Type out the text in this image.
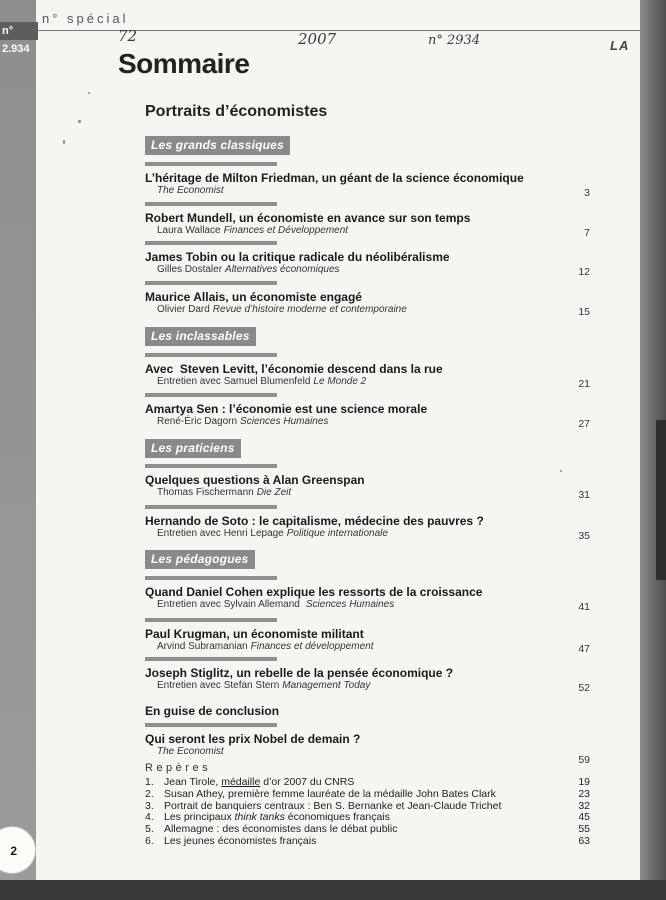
LA
n° 2.934
n° spécial
72	2007	n° 2934
Sommaire
Portraits d’économistes
Les grands classiques
L’héritage de Milton Friedman, un géant de la science économique
The Economist	3
Robert Mundell, un économiste en avance sur son temps
Laura Wallace Finances et Développement	7
James Tobin ou la critique radicale du néolibéralisme
Gilles Dostaler Alternatives économiques	12
Maurice Allais, un économiste engagé
Olivier Dard Revue d’histoire moderne et contemporaine	15
Les inclassables
Avec  Steven Levitt, l’économie descend dans la rue
Entretien avec Samuel Blumenfeld Le Monde 2	21
Amartya Sen : l’économie est une science morale
René-Éric Dagorn Sciences Humaines	27
Les praticiens
Quelques questions à Alan Greenspan
Thomas Fischermann Die Zeit	31
Hernando de Soto : le capitalisme, médecine des pauvres ?
Entretien avec Henri Lepage Politique internationale	35
Les pédagogues
Quand Daniel Cohen explique les ressorts de la croissance
Entretien avec Sylvain Allemand Sciences Humaines	41
Paul Krugman, un économiste militant
Arvind Subramanian Finances et développement	47
Joseph Stiglitz, un rebelle de la pensée économique ?
Entretien avec Stefan Stern Management Today	52
En guise de conclusion
Qui seront les prix Nobel de demain ?
The Economist
59
Repères
1. Jean Tirole, médaille d’or 2007 du CNRS	19
2. Susan Athey, première femme lauréate de la médaille John Bates Clark	23
3. Portrait de banquiers centraux : Ben S. Bernanke et Jean-Claude Trichet	32
4. Les principaux think tanks économiques français	45
5. Allemagne : des économistes dans le débat public	55
6. Les jeunes économistes français	63
2
